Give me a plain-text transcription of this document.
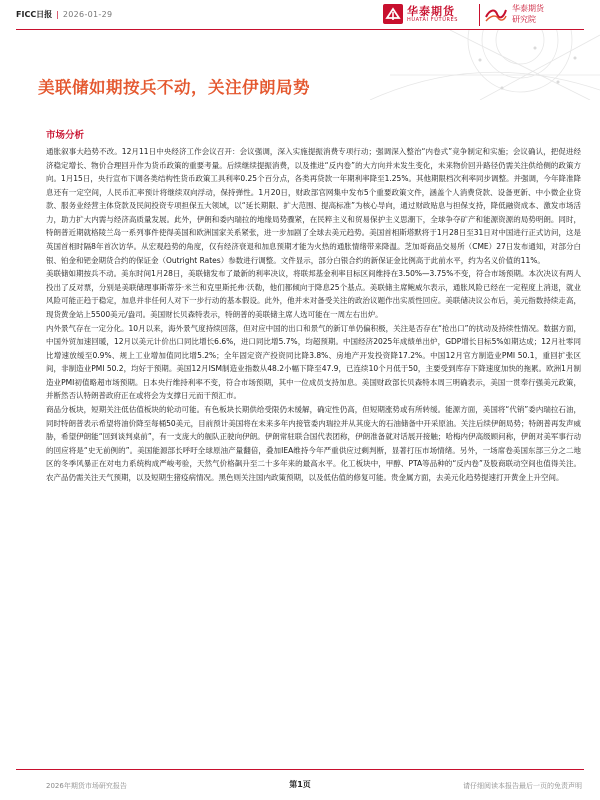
FICC日报 | 2026-01-29	华泰期货
HUATAI FUTURES
华泰期货
研究院
美联储如期按兵不动，关注伊朗局势
市场分析

通胀叙事大趋势不改。12月11日中央经济工作会议召开：会议强调，深入实施提振消费专项行动；强调深入整治“内卷式”竞争制定和实施；会议确认，把促进经济稳定增长、物价合理回升作为货币政策的重要考量。后续继续提振消费，以及推进“反内卷”的大方向并未发生变化，未来物价回升路径仍需关注供给侧的政策方向。1月15日，央行宣布下调各类结构性货币政策工具利率0.25个百分点，各类再贷款一年期利率降至1.25%。其他期限档次利率同步调整。并强调，今年降准降息还有一定空间，人民币汇率预计将继续双向浮动，保持弹性。1月20日，财政部官网集中发布5个重要政策文件，涵盖个人消费贷款、设备更新、中小微企业贷款、服务业经营主体贷款及民间投资专项担保五大领域，以“延长期限、扩大范围、提高标准”为核心导向，通过财政贴息与担保支持，降低融资成本、激发市场活力，助力扩大内需与经济高质量发展。此外，伊朗和委内瑞拉的地缘局势骤紧，在民粹主义和贸易保护主义思潮下，全球争夺矿产和能源资源的局势明朗。同时，特朗普近期就格陵兰岛一系列事件使得美国和欧洲国家关系紧张，进一步加剧了全球去美元趋势。美国首相斯塔默将于1月28日至31日对中国进行正式访问，这是英国首相时隔8年首次访华。从宏观趋势的角度，仅有经济衰退和加息预期才能为火热的通胀情绪带来降温。芝加哥商品交易所（CME）27日发布通知，对部分白银、铂金和钯金期货合约的保证金（Outright Rates）参数进行调整。文件显示，部分白银合约的新保证金比例高于此前水平，约为名义价值的11%。

美联储如期按兵不动。美东时间1月28日，美联储发布了最新的利率决议，将联邦基金利率目标区间维持在3.50%—3.75%不变，符合市场预期。本次决议有两人投出了反对票，分别是美联储理事斯蒂芬·米兰和克里斯托弗·沃勒，他们都倾向于降息25个基点。美联储主席鲍威尔表示，通胀风险已经在一定程度上消退，就业风险可能正趋于稳定，加息并非任何人对下一步行动的基本假设。此外，他并未对备受关注的政治议题作出实质性回应。美联储决议公布后，美元指数持续走高，现货黄金站上5500美元/盎司。美国财长贝森特表示，特朗普的美联储主席人选可能在一周左右出炉。

内外景气存在一定分化。10月以来，海外景气度持续回落，但对应中国的出口和景气的新订单仍偏积极，关注是否存在“抢出口”的扰动及持续性情况。数据方面，中国外贸加速回暖，12月以美元计价出口同比增长6.6%，进口同比增5.7%，均超预期。中国经济2025年成绩单出炉，GDP增长目标5%如期达成；12月社零同比增速放缓至0.9%、规上工业增加值同比增5.2%；全年固定资产投资同比降3.8%、房地产开发投资降17.2%。中国12月官方制造业PMI 50.1，重回扩张区间，非制造业PMI 50.2，均好于预期。美国12月ISM制造业指数从48.2小幅下降至47.9，已连续10个月低于50，主要受到库存下降速度加快的拖累。欧洲1月制造业PMI初值略超市场预期。日本央行维持利率不变，符合市场预期，其中一位成员支持加息。美国财政部长贝森特本周三明确表示，美国一贯奉行强美元政策，并断然否认特朗普政府正在或将会为支撑日元而干预汇市。

商品分板块，短期关注低估值板块的轮动可能。有色板块长期供给受限仍未缓解，确定性仍高，但短期涨势或有所转缓。能源方面，美国将“代销”委内瑞拉石油，同时特朗普表示希望将油价降至每桶50美元，目前预计美国将在未来多年内接管委内瑞拉并从其庞大的石油储备中开采原油。关注后续伊朗局势；特朗普再发声威胁，希望伊朗能“回到谈判桌前”，有一支庞大的舰队正驶向伊朗。伊朗常驻联合国代表团称，伊朗准备就对话展开接触；哈梅内伊高级顾问称，伊朗对美军事行动的回应将是“史无前例的”。美国能源部长呼吁全球原油产量翻倍，叠加IEA维持今年严重供应过剩判断，显著打压市场情绪。另外，一场席卷美国东部三分之二地区的冬季风暴正在对电力系统构成严峻考验，天然气价格飙升至二十多年来的最高水平。化工板块中，甲醇、PTA等品种的“反内卷”及股商联动空间也值得关注。农产品仍需关注天气预期，以及短期生猪疫病情况。黑色则关注国内政策预期，以及低估值的修复可能。贵金属方面，去美元化趋势提速打开黄金上升空间。

2026年期货市场研究报告	第1页	请仔细阅读本报告最后一页的免责声明
